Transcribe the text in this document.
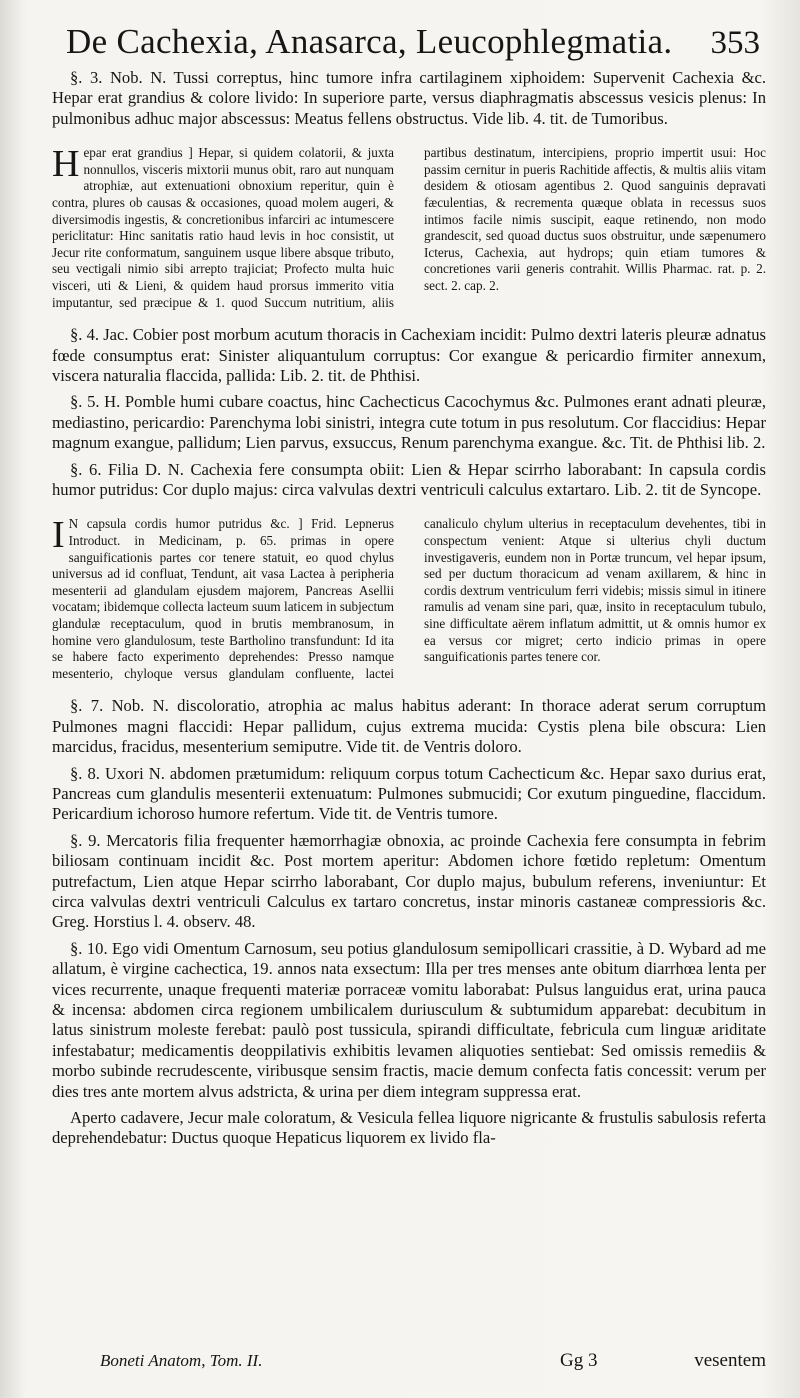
De Cachexia, Anasarca, Leucophlegmatia. 353

§. 3. Nob. N. Tussi correptus, hinc tumore infra cartilaginem xiphoidem: Supervenit Cachexia &c. Hepar erat grandius & colore livido: In superiore parte, versus diaphragmatis abscessus vesicis plenus: In pulmonibus adhuc major abscessus: Meatus fellens obstructus. Vide lib. 4. tit. de Tumoribus.

Hepar erat grandius ] Hepar, si quidem colatorii, & juxta nonnullos, visceris mixtorii munus obit, raro aut nunquam atrophiæ, aut extenuationi obnoxium reperitur, quin è contra, plures ob causas & occasiones, quoad molem augeri, & diversimodis ingestis, & concretionibus infarciri ac intumescere periclitatur: Hinc sanitatis ratio haud levis in hoc consistit, ut Jecur rite conformatum, sanguinem usque libere absque tributo, seu vectigali nimio sibi arrepto trajiciat; Profecto multa huic visceri, uti & Lieni, & quidem haud prorsus immerito vitia imputantur, sed præcipue & 1. quod Succum nutritium, aliis partibus destinatum, intercipiens, proprio impertit usui: Hoc passim cernitur in pueris Rachitide affectis, & multis aliis vitam desidem & otiosam agentibus 2. Quod sanguinis depravati fæculentias, & recrementa quæque oblata in recessus suos intimos facile nimis suscipit, eaque retinendo, non modo grandescit, sed quoad ductus suos obstruitur, unde sæpenumero Icterus, Cachexia, aut hydrops; quin etiam tumores & concretiones varii generis contrahit. Willis Pharmac. rat. p. 2. sect. 2. cap. 2.

§. 4. Jac. Cobier post morbum acutum thoracis in Cachexiam incidit: Pulmo dextri lateris pleuræ adnatus fœde consumptus erat: Sinister aliquantulum corruptus: Cor exangue & pericardio firmiter annexum, viscera naturalia flaccida, pallida: Lib. 2. tit. de Phthisi.

§. 5. H. Pomble humi cubare coactus, hinc Cachecticus Cacochymus &c. Pulmones erant adnati pleuræ, mediastino, pericardio: Parenchyma lobi sinistri, integra cute totum in pus resolutum. Cor flaccidius: Hepar magnum exangue, pallidum; Lien parvus, exsuccus, Renum parenchyma exangue. &c. Tit. de Phthisi lib. 2.

§. 6. Filia D. N. Cachexia fere consumpta obiit: Lien & Hepar scirrho laborabant: In capsula cordis humor putridus: Cor duplo majus: circa valvulas dextri ventriculi calculus extartaro. Lib. 2. tit de Syncope.

I N capsula cordis humor putridus &c. ] Frid. Lepnerus Introduct. in Medicinam, p. 65. primas in opere sanguificationis partes cor tenere statuit, eo quod chylus universus ad id confluat, Tendunt, ait vasa Lactea à peripheria mesenterii ad glandulam ejusdem majorem, Pancreas Asellii vocatam; ibidemque collecta lacteum suum laticem in subjectum glandulæ receptaculum, quod in brutis membranosum, in homine vero glandulosum, teste Bartholino transfundunt: Id ita se habere facto experimento deprehendes: Presso namque mesenterio, chyloque versus glandulam confluente, lactei canaliculo chylum ulterius in receptaculum devehentes, tibi in conspectum venient: Atque si ulterius chyli ductum investigaveris, eundem non in Portæ truncum, vel hepar ipsum, sed per ductum thoracicum ad venam axillarem, & hinc in cordis dextrum ventriculum ferri videbis; missis simul in itinere ramulis ad venam sine pari, quæ, insito in receptaculum tubulo, sine difficultate aërem inflatum admittit, ut & omnis humor ex ea versus cor migret; certo indicio primas in opere sanguificationis partes tenere cor.

§. 7. Nob. N. discoloratio, atrophia ac malus habitus aderant: In thorace aderat serum corruptum Pulmones magni flaccidi: Hepar pallidum, cujus extrema mucida: Cystis plena bile obscura: Lien marcidus, fracidus, mesenterium semiputre. Vide tit. de Ventris doloro.

§. 8. Uxori N. abdomen prætumidum: reliquum corpus totum Cachecticum &c. Hepar saxo durius erat, Pancreas cum glandulis mesenterii extenuatum: Pulmones submucidi; Cor exutum pinguedine, flaccidum. Pericardium ichoroso humore refertum. Vide tit. de Ventris tumore.

§. 9. Mercatoris filia frequenter hæmorrhagiæ obnoxia, ac proinde Cachexia fere consumpta in febrim biliosam continuam incidit &c. Post mortem aperitur: Abdomen ichore fœtido repletum: Omentum putrefactum, Lien atque Hepar scirrho laborabant, Cor duplo majus, bubulum referens, inveniuntur: Et circa valvulas dextri ventriculi Calculus ex tartaro concretus, instar minoris castaneæ compressioris &c. Greg. Horstius l. 4. observ. 48.

§. 10. Ego vidi Omentum Carnosum, seu potius glandulosum semipollicari crassitie, à D. Wybard ad me allatum, è virgine cachectica, 19. annos nata exsectum: Illa per tres menses ante obitum diarrhœa lenta per vices recurrente, unaque frequenti materiæ porraceæ vomitu laborabat: Pulsus languidus erat, urina pauca & incensa: abdomen circa regionem umbilicalem duriusculum & subtumidum apparebat: decubitum in latus sinistrum moleste ferebat: paulò post tussicula, spirandi difficultate, febricula cum linguæ ariditate infestabatur; medicamentis deoppilativis exhibitis levamen aliquoties sentiebat: Sed omissis remediis & morbo subinde recrudescente, viribusque sensim fractis, macie demum confecta fatis concessit: verum per dies tres ante mortem alvus adstricta, & urina per diem integram suppressa erat.

Aperto cadavere, Jecur male coloratum, & Vesicula fellea liquore nigricante & frustulis sabulosis referta deprehendebatur: Ductus quoque Hepaticus liquorem ex livido fla-

Boneti Anatom, Tom. II.	Gg 3	vesentem
